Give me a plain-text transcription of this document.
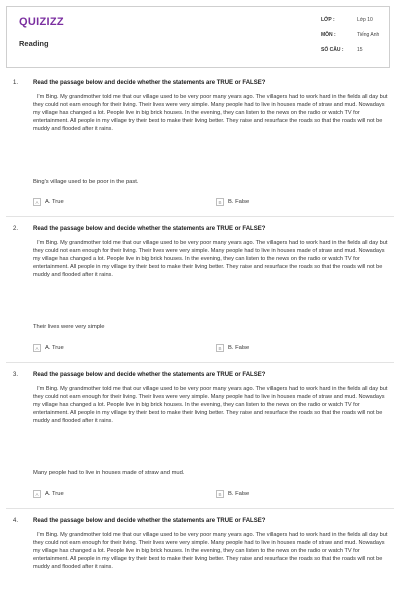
QUIZIZZ
Reading
LỚP :	Lớp 10
MÔN :	Tiếng Anh
SỐ CÂU :	15
1. Read the passage below and decide whether the statements are TRUE or FALSE?
I'm Bing. My grandmother told me that our village used to be very poor many years ago. The villagers had to work hard in the fields all day but they could not earn enough for their living. Their lives were very simple. Many people had to live in houses made of straw and mud. Nowadays my village has changed a lot. People live in big brick houses. In the evening, they can listen to the news on the radio or watch TV for entertainment. All people in my village try their best to make their living better. They raise and resurface the roads so that the roads will not be muddy and flooded after it rains.
Bing's village used to be poor in the past.
A A. True	B B. False
2. Read the passage below and decide whether the statements are TRUE or FALSE?
I'm Bing. My grandmother told me that our village used to be very poor many years ago. The villagers had to work hard in the fields all day but they could not earn enough for their living. Their lives were very simple. Many people had to live in houses made of straw and mud. Nowadays my village has changed a lot. People live in big brick houses. In the evening, they can listen to the news on the radio or watch TV for entertainment. All people in my village try their best to make their living better. They raise and resurface the roads so that the roads will not be muddy and flooded after it rains.
Their lives were very simple
A A. True	B B. False
3. Read the passage below and decide whether the statements are TRUE or FALSE?
I'm Bing. My grandmother told me that our village used to be very poor many years ago. The villagers had to work hard in the fields all day but they could not earn enough for their living. Their lives were very simple. Many people had to live in houses made of straw and mud. Nowadays my village has changed a lot. People live in big brick houses. In the evening, they can listen to the news on the radio or watch TV for entertainment. All people in my village try their best to make their living better. They raise and resurface the roads so that the roads will not be muddy and flooded after it rains.
Many people had to live in houses made of straw and mud.
A A. True	B B. False
4. Read the passage below and decide whether the statements are TRUE or FALSE?
I'm Bing. My grandmother told me that our village used to be very poor many years ago. The villagers had to work hard in the fields all day but they could not earn enough for their living. Their lives were very simple. Many people had to live in houses made of straw and mud. Nowadays my village has changed a lot. People live in big brick houses. In the evening, they can listen to the news on the radio or watch TV for entertainment. All people in my village try their best to make their living better. They raise and resurface the roads so that the roads will not be muddy and flooded after it rains.
